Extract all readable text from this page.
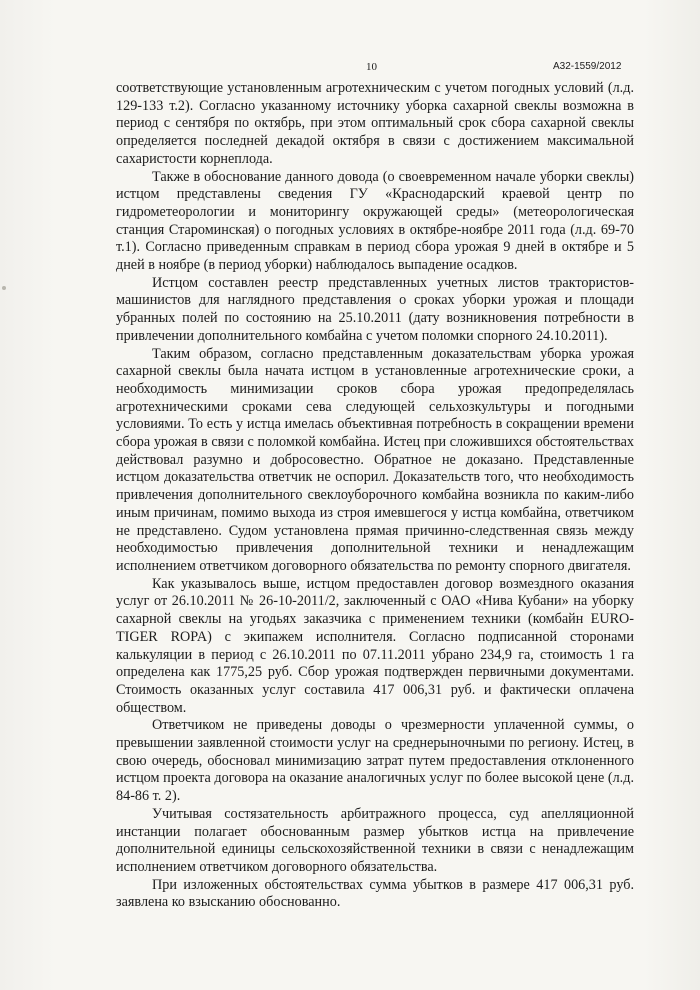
10	А32-1559/2012

соответствующие установленным агротехническим с учетом погодных условий (л.д. 129-133 т.2). Согласно указанному источнику уборка сахарной свеклы возможна в период с сентября по октябрь, при этом оптимальный срок сбора сахарной свеклы определяется последней декадой октября в связи с достижением максимальной сахаристости корнеплода.

Также в обоснование данного довода (о своевременном начале уборки свеклы) истцом представлены сведения ГУ «Краснодарский краевой центр по гидрометеорологии и мониторингу окружающей среды» (метеорологическая станция Староминская) о погодных условиях в октябре-ноябре 2011 года (л.д. 69-70 т.1). Согласно приведенным справкам в период сбора урожая 9 дней в октябре и 5 дней в ноябре (в период уборки) наблюдалось выпадение осадков.

Истцом составлен реестр представленных учетных листов трактористов-машинистов для наглядного представления о сроках уборки урожая и площади убранных полей по состоянию на 25.10.2011 (дату возникновения потребности в привлечении дополнительного комбайна с учетом поломки спорного 24.10.2011).

Таким образом, согласно представленным доказательствам уборка урожая сахарной свеклы была начата истцом в установленные агротехнические сроки, а необходимость минимизации сроков сбора урожая предопределялась агротехническими сроками сева следующей сельхозкультуры и погодными условиями. То есть у истца имелась объективная потребность в сокращении времени сбора урожая в связи с поломкой комбайна. Истец при сложившихся обстоятельствах действовал разумно и добросовестно. Обратное не доказано. Представленные истцом доказательства ответчик не оспорил. Доказательств того, что необходимость привлечения дополнительного свеклоуборочного комбайна возникла по каким-либо иным причинам, помимо выхода из строя имевшегося у истца комбайна, ответчиком не представлено. Судом установлена прямая причинно-следственная связь между необходимостью привлечения дополнительной техники и ненадлежащим исполнением ответчиком договорного обязательства по ремонту спорного двигателя.

Как указывалось выше, истцом предоставлен договор возмездного оказания услуг от 26.10.2011 № 26-10-2011/2, заключенный с ОАО «Нива Кубани» на уборку сахарной свеклы на угодьях заказчика с применением техники (комбайн EURO-TIGER ROPA) с экипажем исполнителя. Согласно подписанной сторонами калькуляции в период с 26.10.2011 по 07.11.2011 убрано 234,9 га, стоимость 1 га определена как 1775,25 руб. Сбор урожая подтвержден первичными документами. Стоимость оказанных услуг составила 417 006,31 руб. и фактически оплачена обществом.

Ответчиком не приведены доводы о чрезмерности уплаченной суммы, о превышении заявленной стоимости услуг на среднерыночными по региону. Истец, в свою очередь, обосновал минимизацию затрат путем предоставления отклоненного истцом проекта договора на оказание аналогичных услуг по более высокой цене (л.д. 84-86 т. 2).

Учитывая состязательность арбитражного процесса, суд апелляционной инстанции полагает обоснованным размер убытков истца на привлечение дополнительной единицы сельскохозяйственной техники в связи с ненадлежащим исполнением ответчиком договорного обязательства.

При изложенных обстоятельствах сумма убытков в размере 417 006,31 руб. заявлена ко взысканию обоснованно.
